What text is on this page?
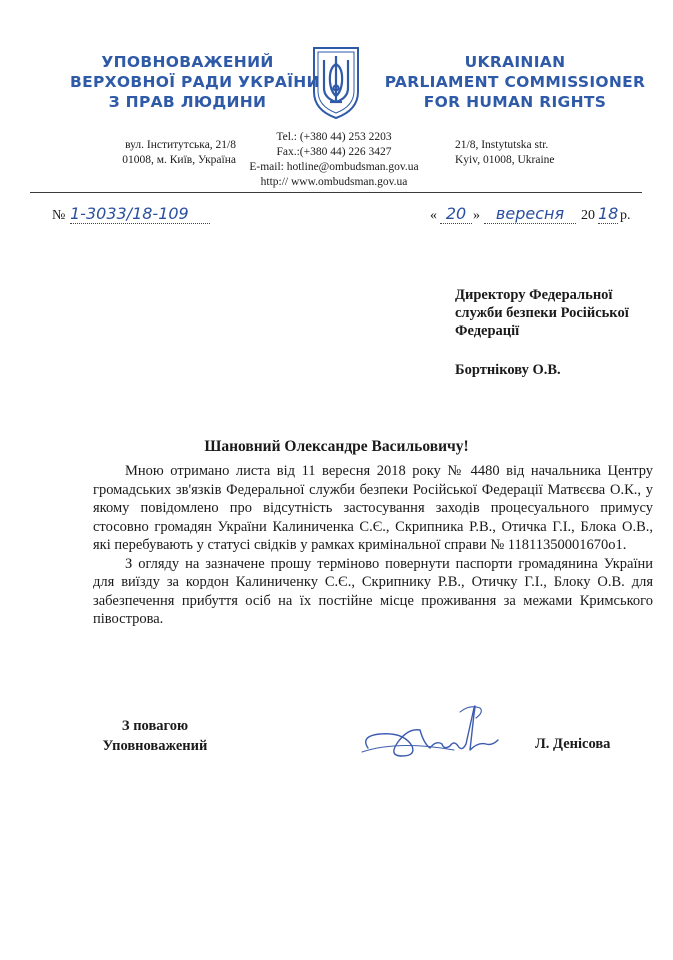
УПОВНОВАЖЕНИЙ
ВЕРХОВНОЇ РАДИ УКРАЇНИ
З ПРАВ ЛЮДИНИ
UKRAINIAN
PARLIAMENT COMMISSIONER
FOR HUMAN RIGHTS
вул. Інститутська, 21/8
01008, м. Київ, Україна
Tel.: (+380 44) 253 2203
Fax.:(+380 44) 226 3427
E-mail: hotline@ombudsman.gov.ua
http:// www.ombudsman.gov.ua
21/8, Instytutska str.
Kyiv, 01008, Ukraine
№ 1-3033/18-109	« 20 » вересня	20 18 р.
Директору Федеральної
служби безпеки Російської
Федерації
Бортнікову О.В.
Шановний Олександре Васильовичу!

Мною отримано листа від 11 вересня 2018 року № 4480 від начальника Центру громадських зв'язків Федеральної служби безпеки Російської Федерації Матвєєва О.К., у якому повідомлено про відсутність застосування заходів процесуального примусу стосовно громадян України Калиниченка С.Є., Скрипника Р.В., Отичка Г.І., Блока О.В., які перебувають у статусі свідків у рамках кримінальної справи № 11811350001670о1.

З огляду на зазначене прошу терміново повернути паспорти громадянина України для виїзду за кордон Калиниченку С.Є., Скрипнику Р.В., Отичку Г.І., Блоку О.В. для забезпечення прибуття осіб на їх постійне місце проживання за межами Кримського півострова.

З повагою
Уповноважений	Л. Денісова
